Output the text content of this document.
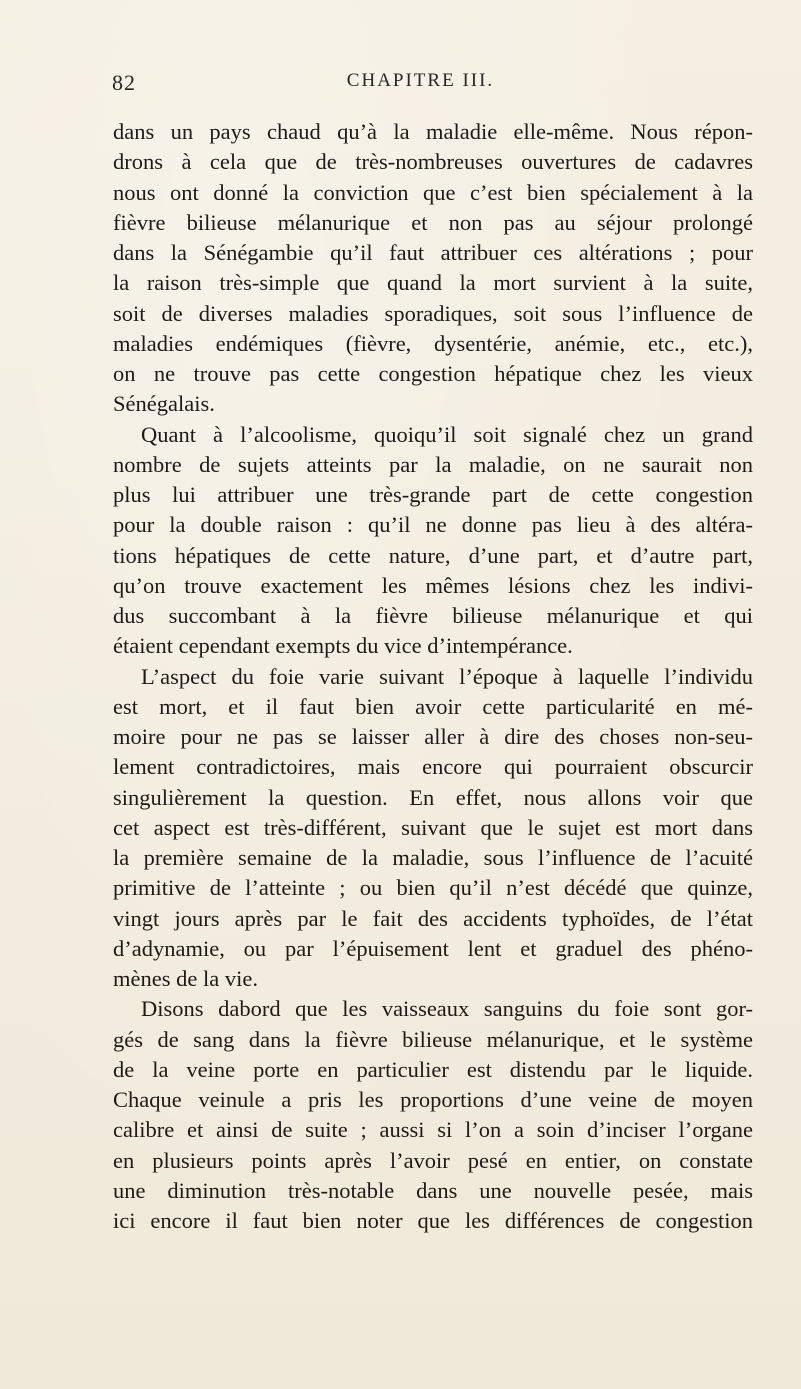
82	CHAPITRE III.
dans un pays chaud qu’à la maladie elle-même. Nous répon-
drons à cela que de très-nombreuses ouvertures de cadavres
nous ont donné la conviction que c’est bien spécialement à la
fièvre bilieuse mélanurique et non pas au séjour prolongé
dans la Sénégambie qu’il faut attribuer ces altérations ; pour
la raison très-simple que quand la mort survient à la suite,
soit de diverses maladies sporadiques, soit sous l’influence de
maladies endémiques (fièvre, dysentérie, anémie, etc., etc.),
on ne trouve pas cette congestion hépatique chez les vieux
Sénégalais.
Quant à l’alcoolisme, quoiqu’il soit signalé chez un grand
nombre de sujets atteints par la maladie, on ne saurait non
plus lui attribuer une très-grande part de cette congestion
pour la double raison : qu’il ne donne pas lieu à des altéra-
tions hépatiques de cette nature, d’une part, et d’autre part,
qu’on trouve exactement les mêmes lésions chez les indivi-
dus succombant à la fièvre bilieuse mélanurique et qui
étaient cependant exempts du vice d’intempérance.
L’aspect du foie varie suivant l’époque à laquelle l’individu
est mort, et il faut bien avoir cette particularité en mé-
moire pour ne pas se laisser aller à dire des choses non-seu-
lement contradictoires, mais encore qui pourraient obscurcir
singulièrement la question. En effet, nous allons voir que
cet aspect est très-différent, suivant que le sujet est mort dans
la première semaine de la maladie, sous l’influence de l’acuité
primitive de l’atteinte ; ou bien qu’il n’est décédé que quinze,
vingt jours après par le fait des accidents typhoïdes, de l’état
d’adynamie, ou par l’épuisement lent et graduel des phéno-
mènes de la vie.
Disons dabord que les vaisseaux sanguins du foie sont gor-
gés de sang dans la fièvre bilieuse mélanurique, et le système
de la veine porte en particulier est distendu par le liquide.
Chaque veinule a pris les proportions d’une veine de moyen
calibre et ainsi de suite ; aussi si l’on a soin d’inciser l’organe
en plusieurs points après l’avoir pesé en entier, on constate
une diminution très-notable dans une nouvelle pesée, mais
ici encore il faut bien noter que les différences de congestion
